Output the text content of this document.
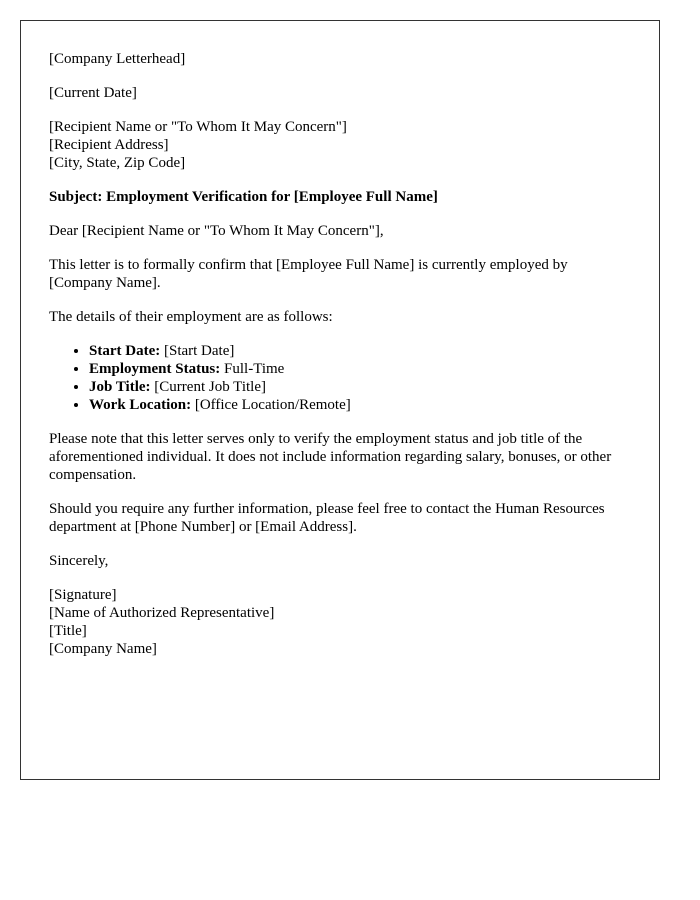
[Company Letterhead]

[Current Date]

[Recipient Name or "To Whom It May Concern"]
[Recipient Address]
[City, State, Zip Code]

Subject: Employment Verification for [Employee Full Name]

Dear [Recipient Name or "To Whom It May Concern"],

This letter is to formally confirm that [Employee Full Name] is currently employed by [Company Name].

The details of their employment are as follows:

• Start Date: [Start Date]
• Employment Status: Full-Time
• Job Title: [Current Job Title]
• Work Location: [Office Location/Remote]

Please note that this letter serves only to verify the employment status and job title of the aforementioned individual. It does not include information regarding salary, bonuses, or other compensation.

Should you require any further information, please feel free to contact the Human Resources department at [Phone Number] or [Email Address].

Sincerely,

[Signature]
[Name of Authorized Representative]
[Title]
[Company Name]
